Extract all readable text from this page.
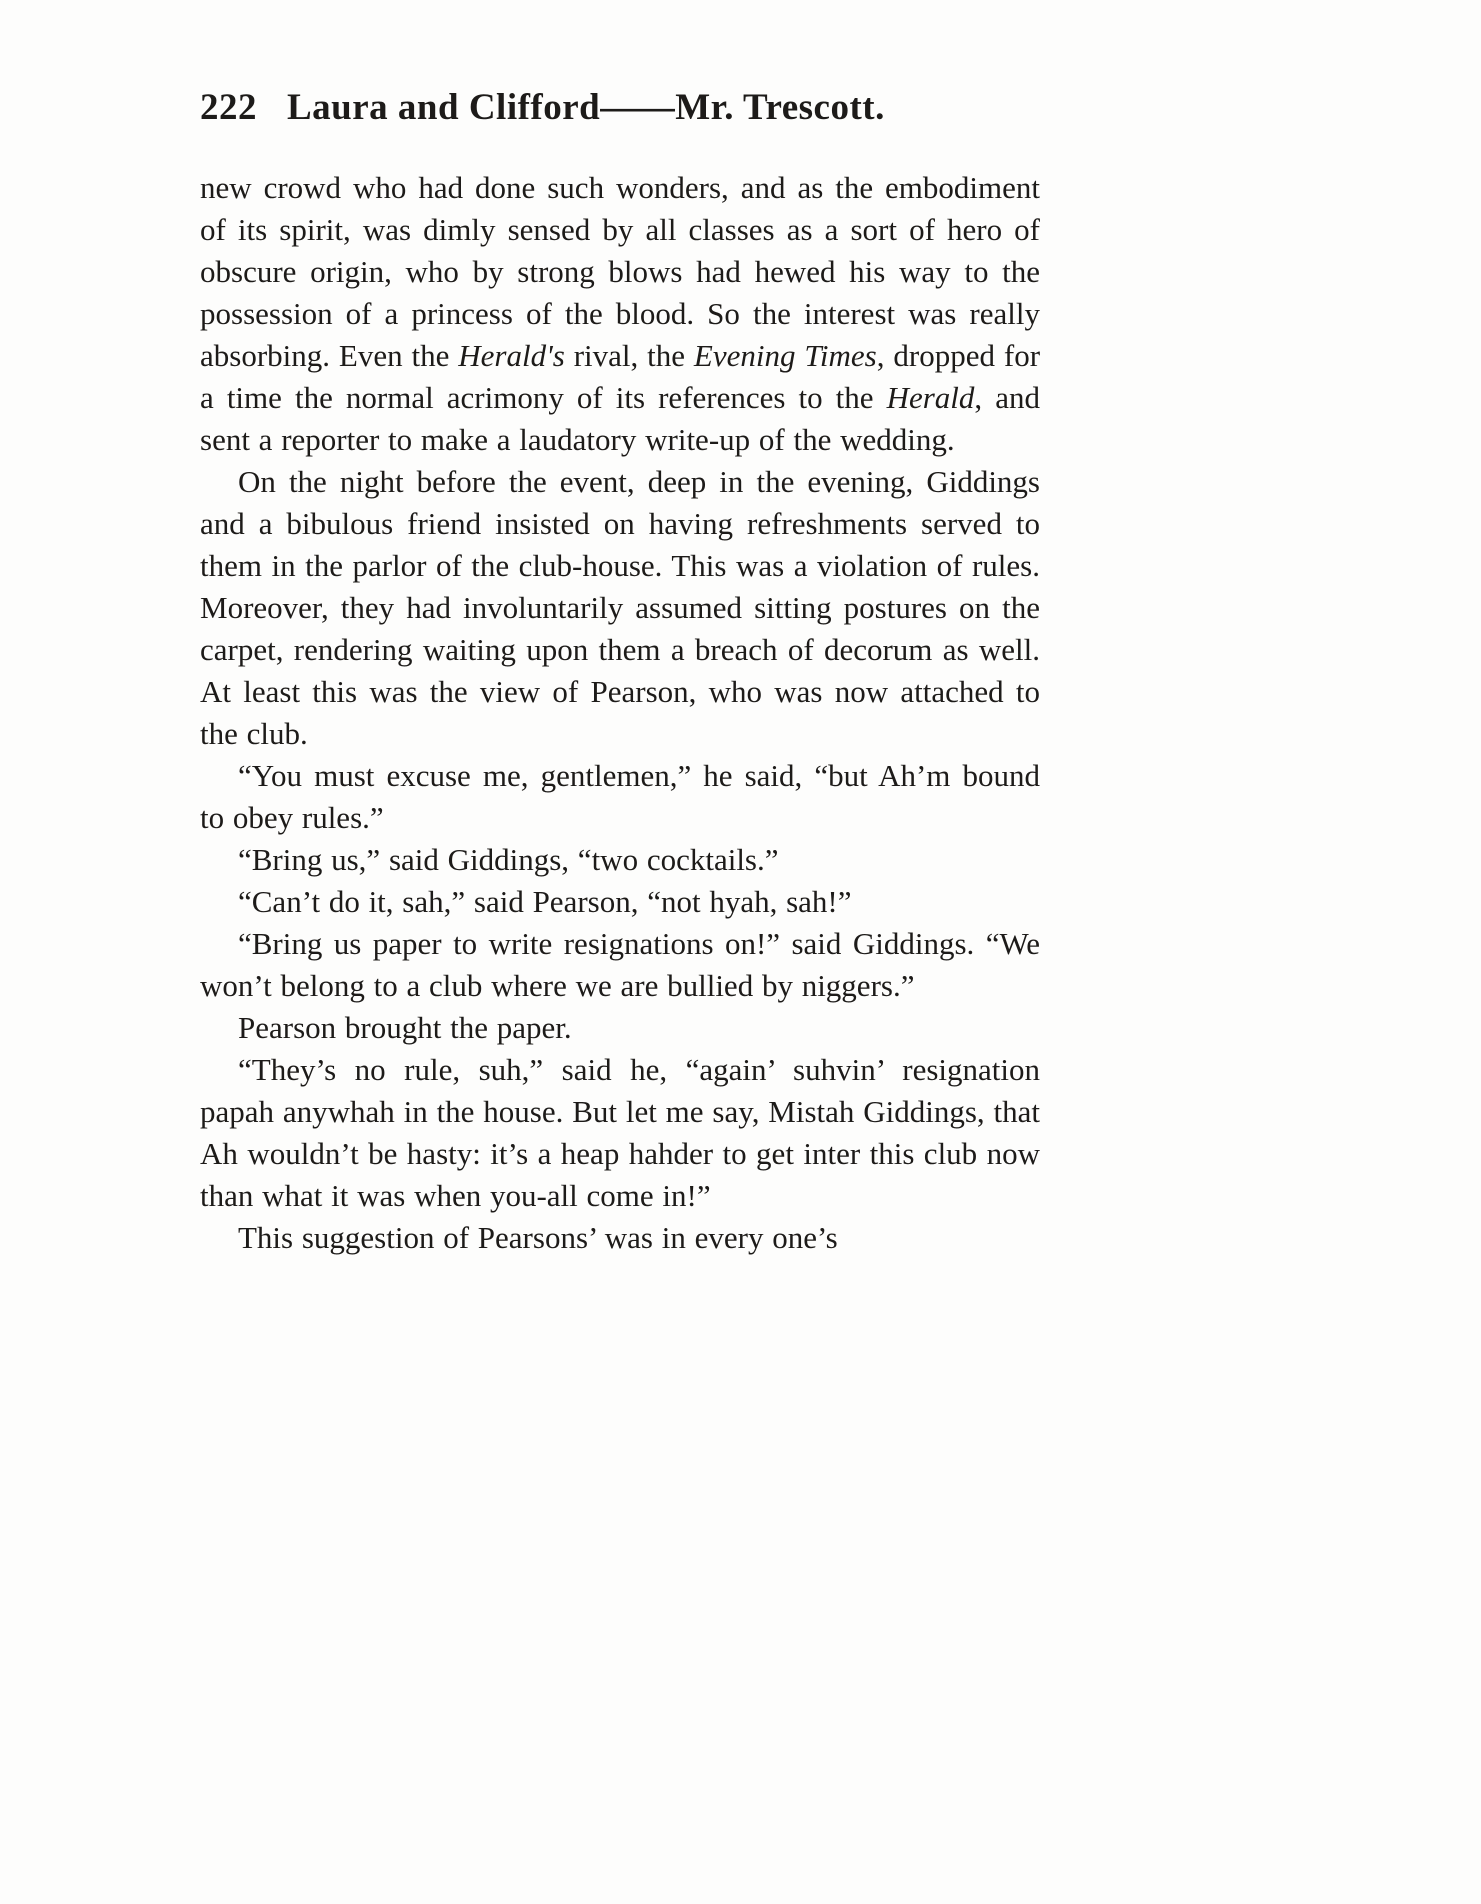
222 Laura and Clifford——Mr. Trescott.

new crowd who had done such wonders, and as the embodiment of its spirit, was dimly sensed by all classes as a sort of hero of obscure origin, who by strong blows had hewed his way to the possession of a princess of the blood. So the interest was really absorbing. Even the Herald's rival, the Evening Times, dropped for a time the normal acrimony of its references to the Herald, and sent a reporter to make a laudatory write-up of the wedding.

On the night before the event, deep in the evening, Giddings and a bibulous friend insisted on having refreshments served to them in the parlor of the club-house. This was a violation of rules. Moreover, they had involuntarily assumed sitting postures on the carpet, rendering waiting upon them a breach of decorum as well. At least this was the view of Pearson, who was now attached to the club.

“You must excuse me, gentlemen,” he said, “but Ah’m bound to obey rules.”

“Bring us,” said Giddings, “two cocktails.”

“Can’t do it, sah,” said Pearson, “not hyah, sah!”

“Bring us paper to write resignations on!” said Giddings. “We won’t belong to a club where we are bullied by niggers.”

Pearson brought the paper.

“They’s no rule, suh,” said he, “again’ suhvin’ resignation papah anywhah in the house. But let me say, Mistah Giddings, that Ah wouldn’t be hasty: it’s a heap hahder to get inter this club now than what it was when you-all come in!”

This suggestion of Pearsons’ was in every one’s
